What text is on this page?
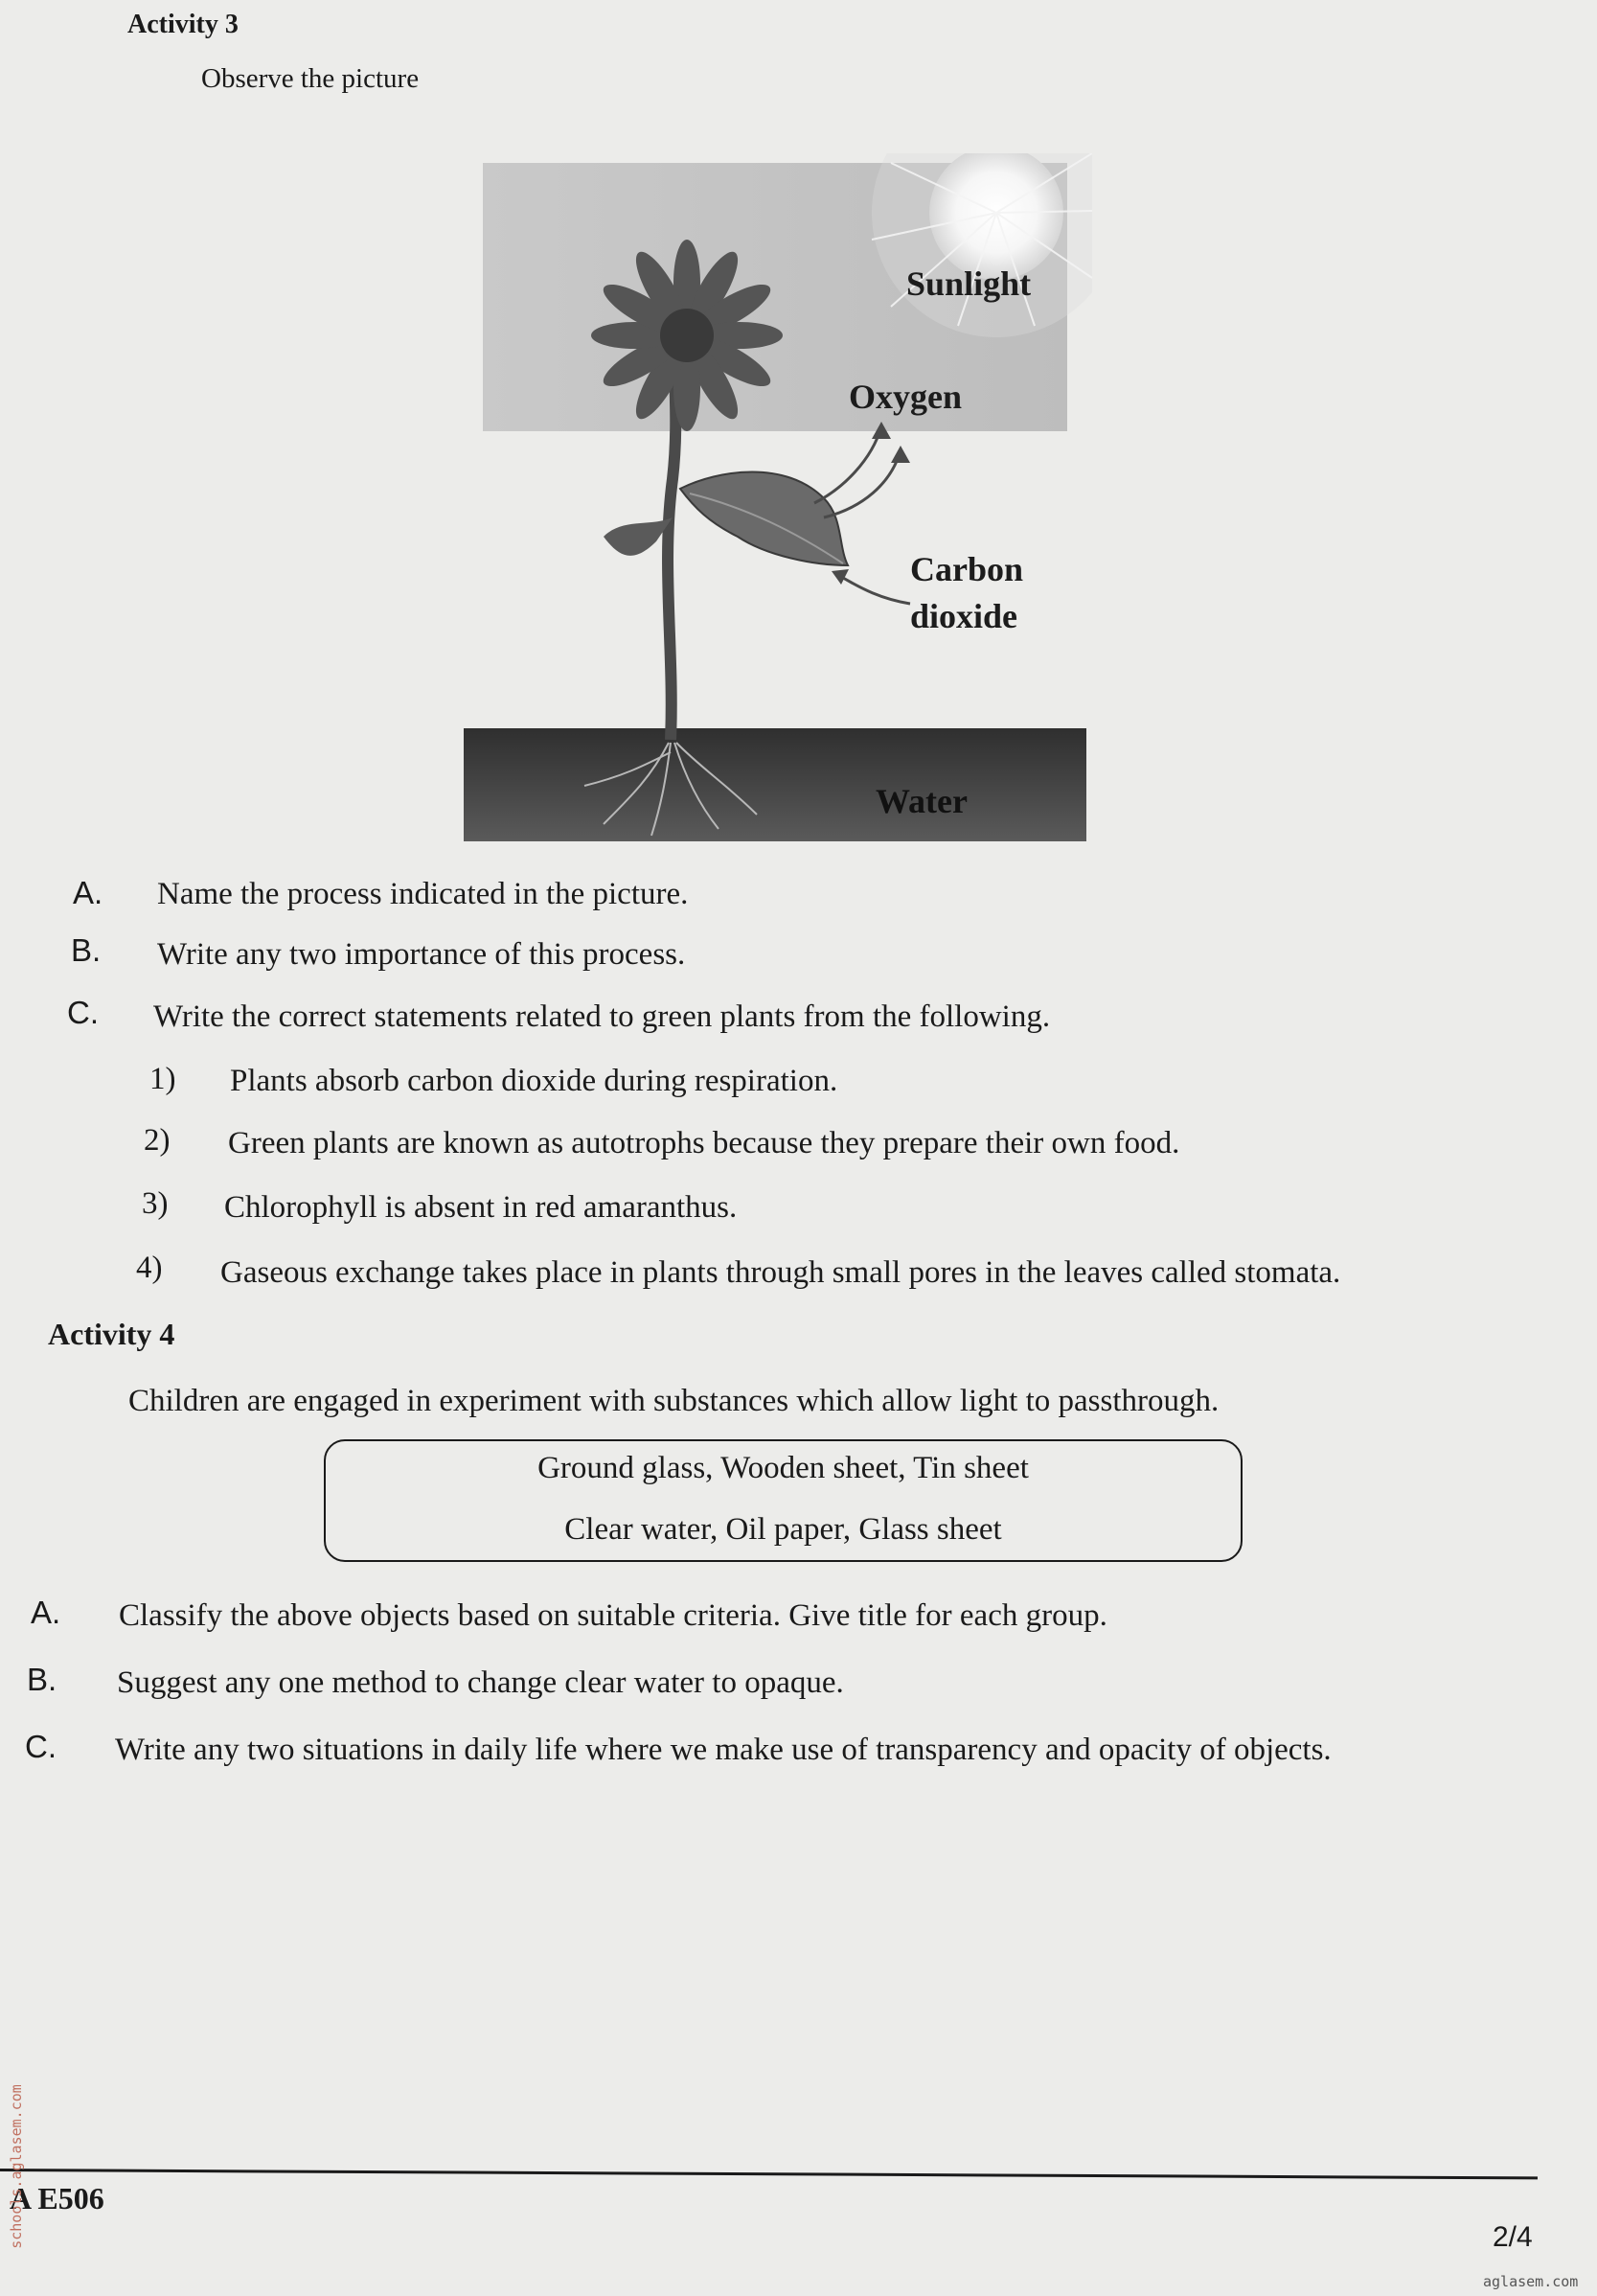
Activity 3
Observe the picture
Sunlight
Oxygen
Carbon
dioxide
Water
A. Name the process indicated in the picture.
B. Write any two importance of this process.
C. Write the correct statements related to green plants from the following.
1) Plants absorb carbon dioxide during respiration.
2) Green plants are known as autotrophs because they prepare their own food.
3) Chlorophyll is absent in red amaranthus.
4) Gaseous exchange takes place in plants through small pores in the leaves called stomata.
Activity 4
Children are engaged in experiment with substances which allow light to passthrough.
Ground glass, Wooden sheet, Tin sheet
Clear water, Oil paper, Glass sheet
A. Classify the above objects based on suitable criteria. Give title for each group.
B. Suggest any one method to change clear water to opaque.
C. Write any two situations in daily life where we make use of transparency and opacity of objects.
A E506
2/4
schools.aglasem.com
aglasem.com
